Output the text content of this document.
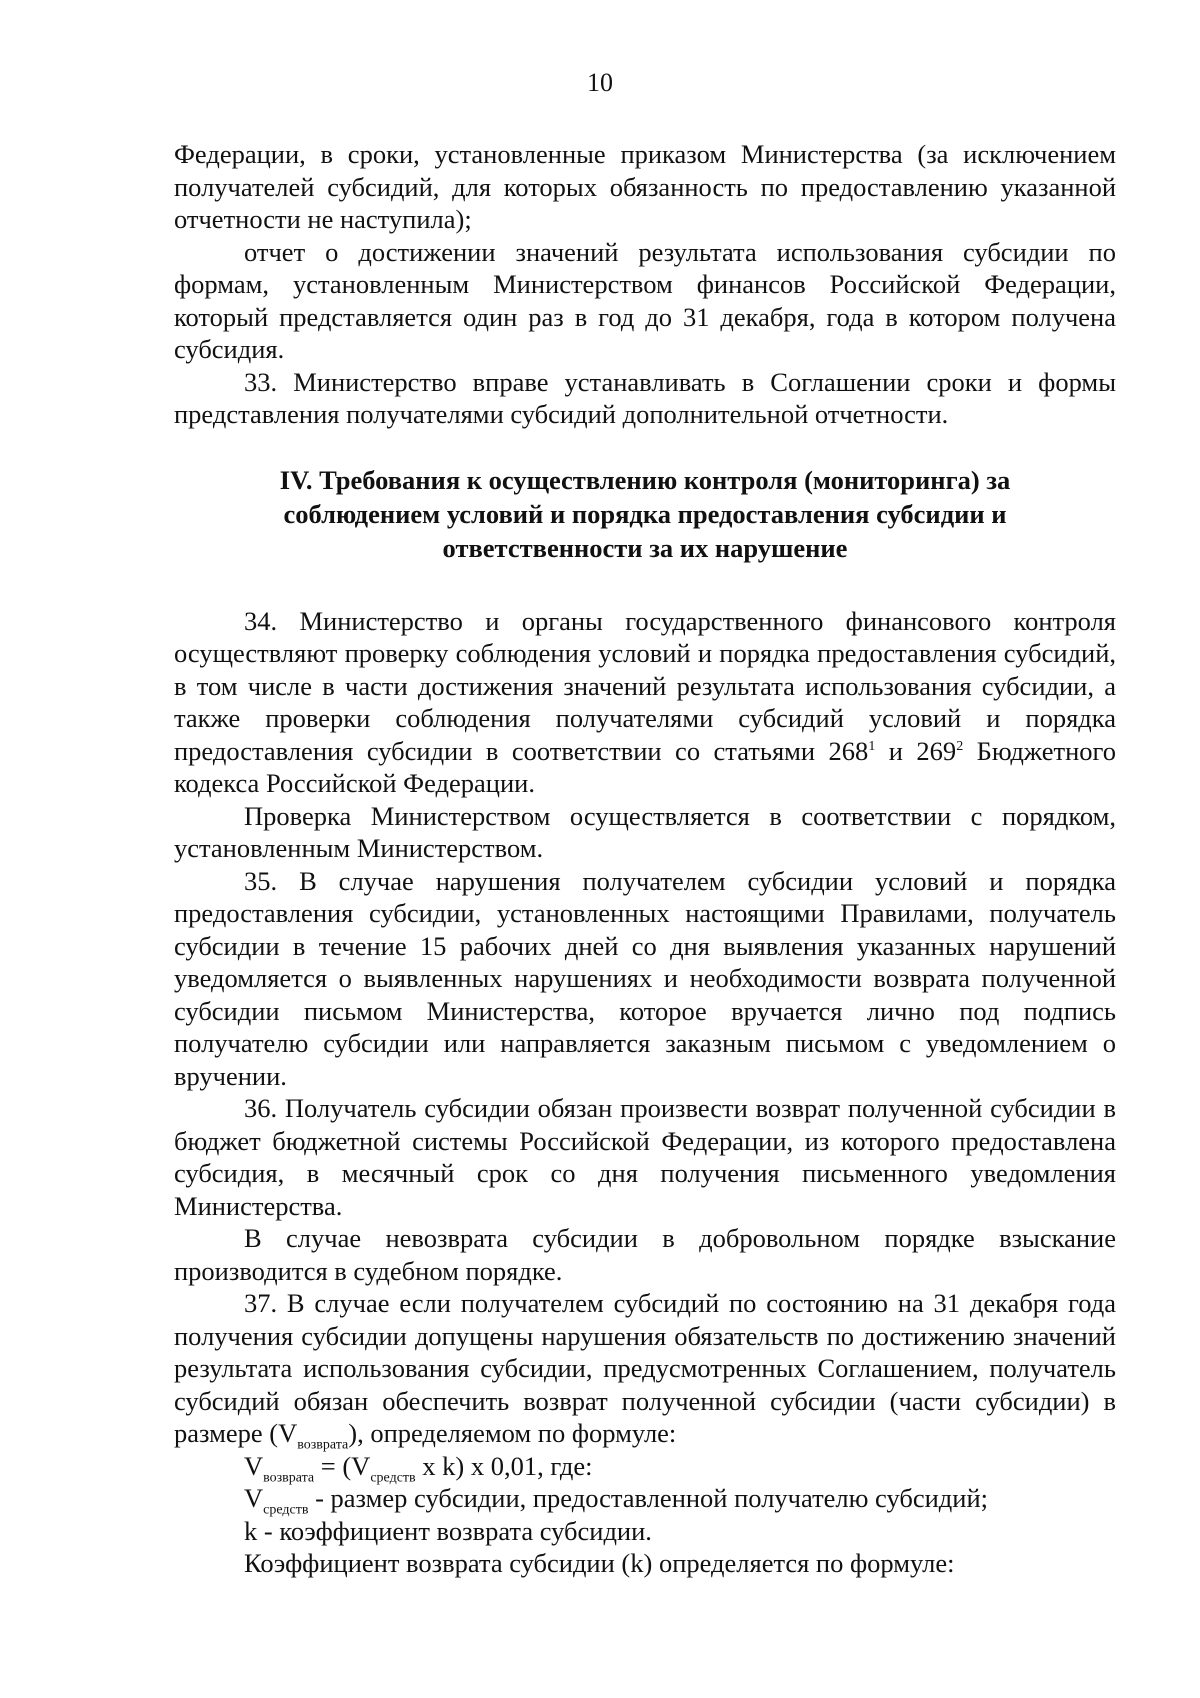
10

Федерации, в сроки, установленные приказом Министерства (за исключением получателей субсидий, для которых обязанность по предоставлению указанной отчетности не наступила);

отчет о достижении значений результата использования субсидии по формам, установленным Министерством финансов Российской Федерации, который представляется один раз в год до 31 декабря, года в котором получена субсидия.

33. Министерство вправе устанавливать в Соглашении сроки и формы представления получателями субсидий дополнительной отчетности.

IV. Требования к осуществлению контроля (мониторинга) за соблюдением условий и порядка предоставления субсидии и ответственности за их нарушение

34. Министерство и органы государственного финансового контроля осуществляют проверку соблюдения условий и порядка предоставления субсидий, в том числе в части достижения значений результата использования субсидии, а также проверки соблюдения получателями субсидий условий и порядка предоставления субсидии в соответствии со статьями $268^1$ и $269^2$ Бюджетного кодекса Российской Федерации.

Проверка Министерством осуществляется в соответствии с порядком, установленным Министерством.

35. В случае нарушения получателем субсидии условий и порядка предоставления субсидии, установленных настоящими Правилами, получатель субсидии в течение 15 рабочих дней со дня выявления указанных нарушений уведомляется о выявленных нарушениях и необходимости возврата полученной субсидии письмом Министерства, которое вручается лично под подпись получателю субсидии или направляется заказным письмом с уведомлением о вручении.

36. Получатель субсидии обязан произвести возврат полученной субсидии в бюджет бюджетной системы Российской Федерации, из которого предоставлена субсидия, в месячный срок со дня получения письменного уведомления Министерства.

В случае невозврата субсидии в добровольном порядке взыскание производится в судебном порядке.

37. В случае если получателем субсидий по состоянию на 31 декабря года получения субсидии допущены нарушения обязательств по достижению значений результата использования субсидии, предусмотренных Соглашением, получатель субсидий обязан обеспечить возврат полученной субсидии (части субсидии) в размере $(V_{возврата})$, определяемом по формуле:

$V_{возврата} = (V_{средств}$ x k) x 0,01, где:

$V_{средств}$ - размер субсидии, предоставленной получателю субсидий;

k - коэффициент возврата субсидии.

Коэффициент возврата субсидии (k) определяется по формуле:
